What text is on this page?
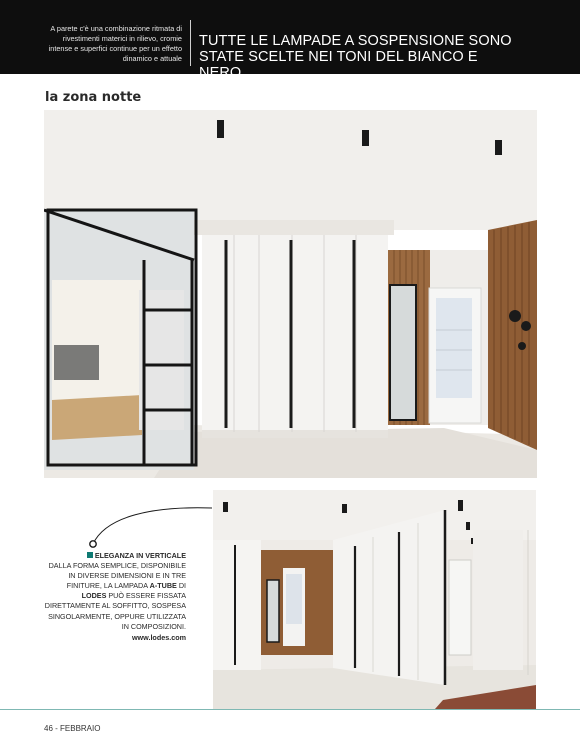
A parete c'è una combinazione ritmata di rivestimenti materici in rilievo, cromie intense e superfici continue per un effetto dinamico e attuale
TUTTE LE LAMPADE A SOSPENSIONE SONO
STATE SCELTE NEI TONI DEL BIANCO E NERO
la zona notte
ELEGANZA IN VERTICALE
DALLA FORMA SEMPLICE, DISPONIBILE IN DIVERSE DIMENSIONI E IN TRE FINITURE, LA LAMPADA A-TUBE DI LODES PUÒ ESSERE FISSATA DIRETTAMENTE AL SOFFITTO, SOSPESA SINGOLARMENTE, OPPURE UTILIZZATA IN COMPOSIZIONI.
www.lodes.com
46 - FEBBRAIO
